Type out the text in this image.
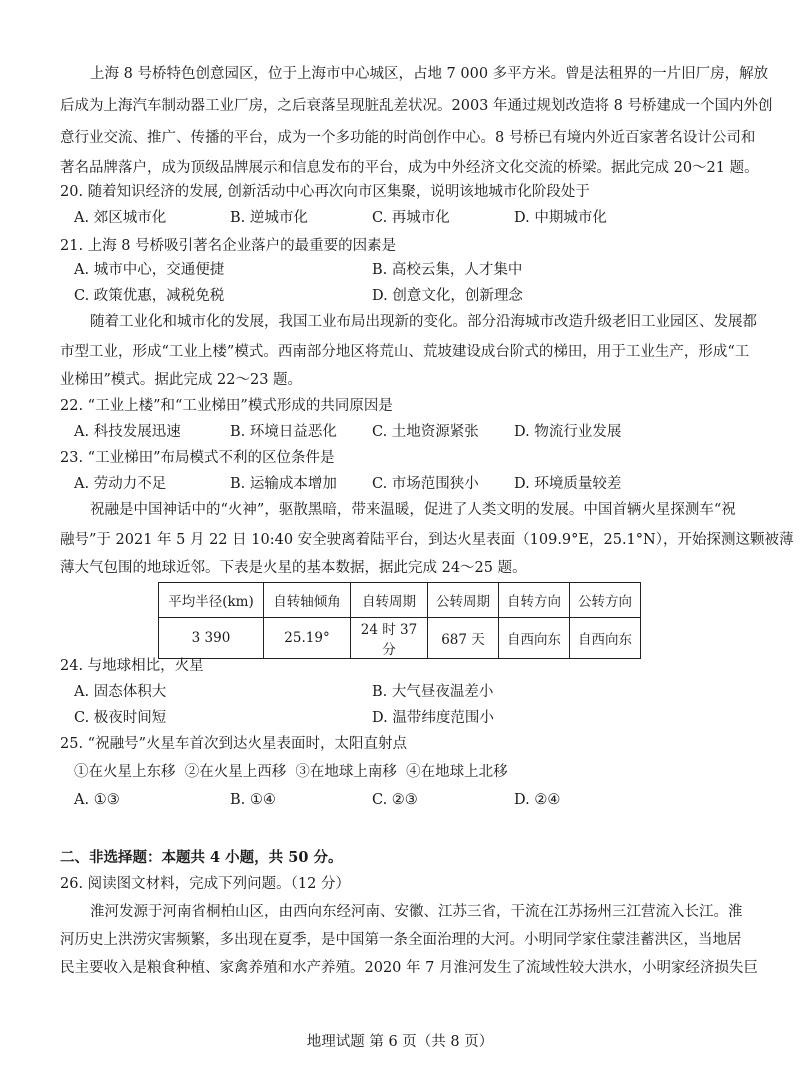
上海 8 号桥特色创意园区，位于上海市中心城区，占地 7 000 多平方米。曾是法租界的一片旧厂房，解放
后成为上海汽车制动器工业厂房，之后衰落呈现脏乱差状况。2003 年通过规划改造将 8 号桥建成一个国内外创
意行业交流、推广、传播的平台，成为一个多功能的时尚创作中心。8 号桥已有境内外近百家著名设计公司和
著名品牌落户，成为顶级品牌展示和信息发布的平台，成为中外经济文化交流的桥梁。据此完成 20～21 题。
20. 随着知识经济的发展, 创新活动中心再次向市区集聚，说明该地城市化阶段处于
A. 郊区城市化	B. 逆城市化	C. 再城市化	D. 中期城市化
21. 上海 8 号桥吸引著名企业落户的最重要的因素是
A. 城市中心，交通便捷	B. 高校云集，人才集中
C. 政策优惠，减税免税	D. 创意文化，创新理念
随着工业化和城市化的发展，我国工业布局出现新的变化。部分沿海城市改造升级老旧工业园区、发展都
市型工业，形成“工业上楼”模式。西南部分地区将荒山、荒坡建设成台阶式的梯田，用于工业生产，形成“工
业梯田”模式。据此完成 22～23 题。
22. “工业上楼”和“工业梯田”模式形成的共同原因是
A. 科技发展迅速	B. 环境日益恶化 C. 土地资源紧张 D. 物流行业发展
23. “工业梯田”布局模式不利的区位条件是
A. 劳动力不足	B. 运输成本增加 C. 市场范围狭小 D. 环境质量较差
祝融是中国神话中的“火神”，驱散黑暗，带来温暖，促进了人类文明的发展。中国首辆火星探测车“祝
融号”于 2021 年 5 月 22 日 10:40 安全驶离着陆平台，到达火星表面（109.9°E，25.1°N），开始探测这颗被薄
薄大气包围的地球近邻。下表是火星的基本数据，据此完成 24～25 题。
平均半径(km)	自转轴倾角	自转周期	公转周期	自转方向	公转方向
3 390	25.19°	24 时 37 分	687 天	自西向东	自西向东
24. 与地球相比，火星
A. 固态体积大	B. 大气昼夜温差小
C. 极夜时间短	D. 温带纬度范围小
25. “祝融号”火星车首次到达火星表面时，太阳直射点
①在火星上东移  ②在火星上西移  ③在地球上南移  ④在地球上北移
A. ①③	B. ①④	C. ②③	D. ②④
二、非选择题：本题共 4 小题，共 50 分。
26. 阅读图文材料，完成下列问题。（12 分）
淮河发源于河南省桐柏山区，由西向东经河南、安徽、江苏三省，干流在江苏扬州三江营流入长江。淮
河历史上洪涝灾害频繁，多出现在夏季，是中国第一条全面治理的大河。小明同学家住蒙洼蓄洪区，当地居
民主要收入是粮食种植、家禽养殖和水产养殖。2020 年 7 月淮河发生了流域性较大洪水，小明家经济损失巨
地理试题 第 6 页（共 8 页）
